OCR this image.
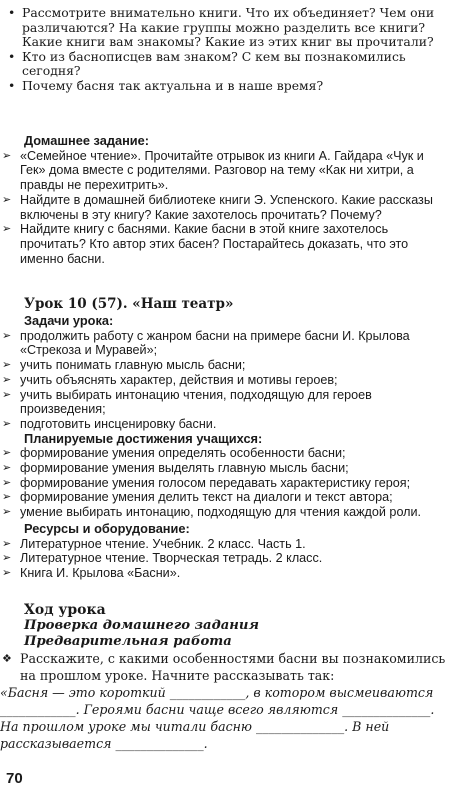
• Рассмотрите внимательно книги. Что их объединяет? Чем они различаются? На какие группы можно разделить все книги? Какие книги вам знакомы? Какие из этих книг вы прочитали?
• Кто из баснописцев вам знаком? С кем вы познакомились сегодня?
• Почему басня так актуальна и в наше время?
Домашнее задание:
➢ «Семейное чтение». Прочитайте отрывок из книги А. Гайдара «Чук и Гек» дома вместе с родителями. Разговор на тему «Как ни хитри, а правды не перехитрить».
➢ Найдите в домашней библиотеке книги Э. Успенского. Какие рассказы включены в эту книгу? Какие захотелось прочитать? Почему?
➢ Найдите книгу с баснями. Какие басни в этой книге захотелось прочитать? Кто автор этих басен? Постарайтесь доказать, что это именно басни.
Урок 10 (57). «Наш театр»
Задачи урока:
➢ продолжить работу с жанром басни на примере басни И. Крылова «Стрекоза и Муравей»;
➢ учить понимать главную мысль басни;
➢ учить объяснять характер, действия и мотивы героев;
➢ учить выбирать интонацию чтения, подходящую для героев произведения;
➢ подготовить инсценировку басни.
Планируемые достижения учащихся:
➢ формирование умения определять особенности басни;
➢ формирование умения выделять главную мысль басни;
➢ формирование умения голосом передавать характеристику героя;
➢ формирование умения делить текст на диалоги и текст автора;
➢ умение выбирать интонацию, подходящую для чтения каждой роли.
Ресурсы и оборудование:
➢ Литературное чтение. Учебник. 2 класс. Часть 1.
➢ Литературное чтение. Творческая тетрадь. 2 класс.
➢ Книга И. Крылова «Басни».
Ход урока
Проверка домашнего задания
Предварительная работа
❖ Расскажите, с какими особенностями басни вы познакомились на прошлом уроке. Начните рассказывать так:
«Басня — это короткий ____________, в котором высмеиваются ____________. Героями басни чаще всего являются ______________. На прошлом уроке мы читали басню ______________. В ней рассказывается ______________.
70
